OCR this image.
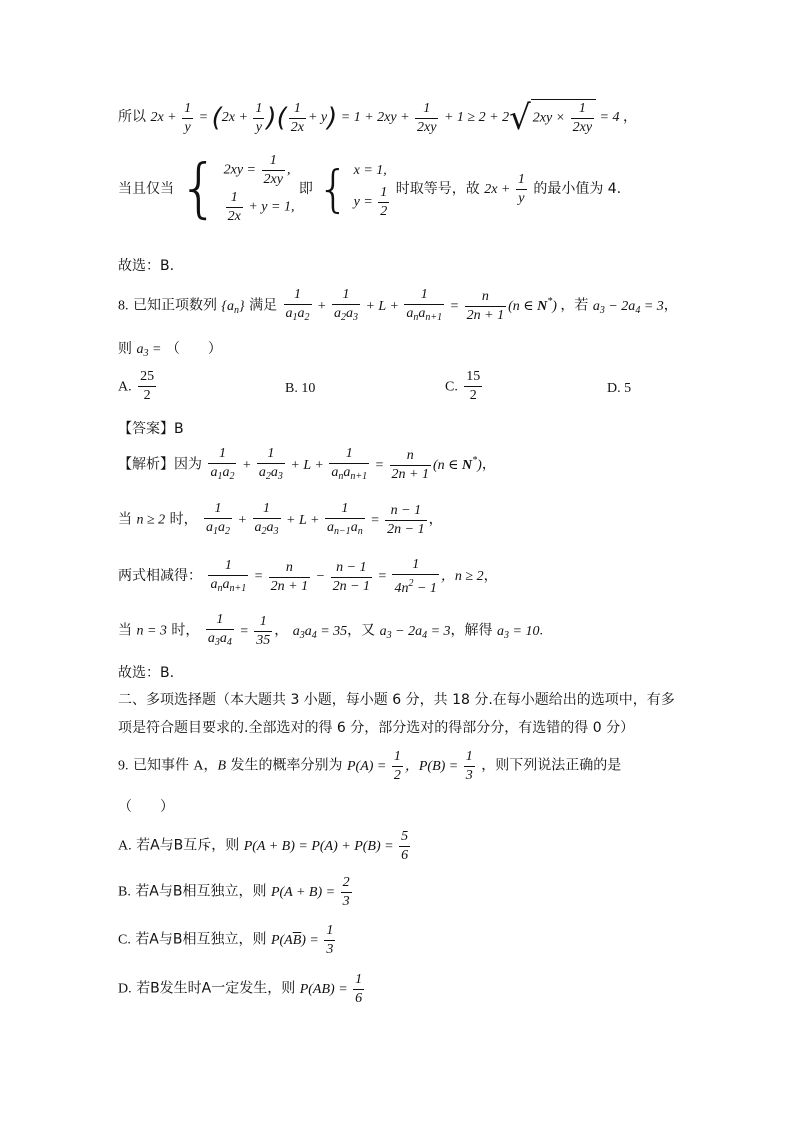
所以 $2x + \frac{1}{y} = (2x + \frac{1}{y}$ )( $\frac{1}{2x} + y) = 1 + 2xy + \frac{1}{2xy} + 1 \ge 2 + 2√$ $2xy \times \frac{1}{2xy} = 4$ ，
当且仅当 { $2xy = \frac{1}{2xy}$ ,
$\frac{1}{2x} + y = 1$,
即 { x = 1,
$y = \frac{1}{2}$ 时取等号，故 $2x + \frac{1}{y}$ 的最小值为 4.
故选：B.
8. 已知正项数列 $\{a_n\}$ 满足 $\frac{1}{a_1a_2} + \frac{1}{a_2a_3} + L + \frac{1}{a_na_{n+1}} = \frac{n}{2n + 1} (n$ ∈ N*) ，若 $a_3 - 2a_4 = 3$，
则 $a_3$ = （　　）
A. $\frac{25}{2}$	B. 10	C. $\frac{15}{2}$	D. 5
【答案】B
【解析】因为 $\frac{1}{a_1a_2} + \frac{1}{a_2a_3} + L + \frac{1}{a_na_{n+1}} = \frac{n}{2n + 1} (n$ ∈ N*)，
当 n ≥ 2 时， $\frac{1}{a_1a_2} + \frac{1}{a_2a_3} + L + \frac{1}{a_{n-1}a_n} = \frac{n - 1}{2n - 1}$ ，
两式相减得： $\frac{1}{a_na_{n+1}} = \frac{n}{2n + 1} - \frac{n - 1}{2n - 1} = \frac{1}{4n^2 - 1}$ ，n ≥ 2，
当 n = 3 时， $\frac{1}{a_3a_4} = \frac{1}{35}$ ， $a_3a_4 = 35$，又 $a_3 - 2a_4 = 3$，解得 $a_3 = 10$.
故选：B.
二、多项选择题（本大题共 3 小题，每小题 6 分，共 18 分.在每小题给出的选项中，有多
项是符合题目要求的.全部选对的得 6 分，部分选对的得部分分，有选错的得 0 分）
9. 已知事件 A，B 发生的概率分别为 $P(A) = \frac{1}{2}$ ，$P(B) = \frac{1}{3}$ ，则下列说法正确的是
（　　）
A. 若A与B互斥，则 $P(A + B) = P(A) + P(B) = \frac{5}{6}$
B. 若A与B相互独立，则 $P(A + B) = \frac{2}{3}$
C. 若A与B相互独立，则 $P(A\overline{B}) = \frac{1}{3}$
D. 若B发生时A一定发生，则 $P(AB) = \frac{1}{6}$
